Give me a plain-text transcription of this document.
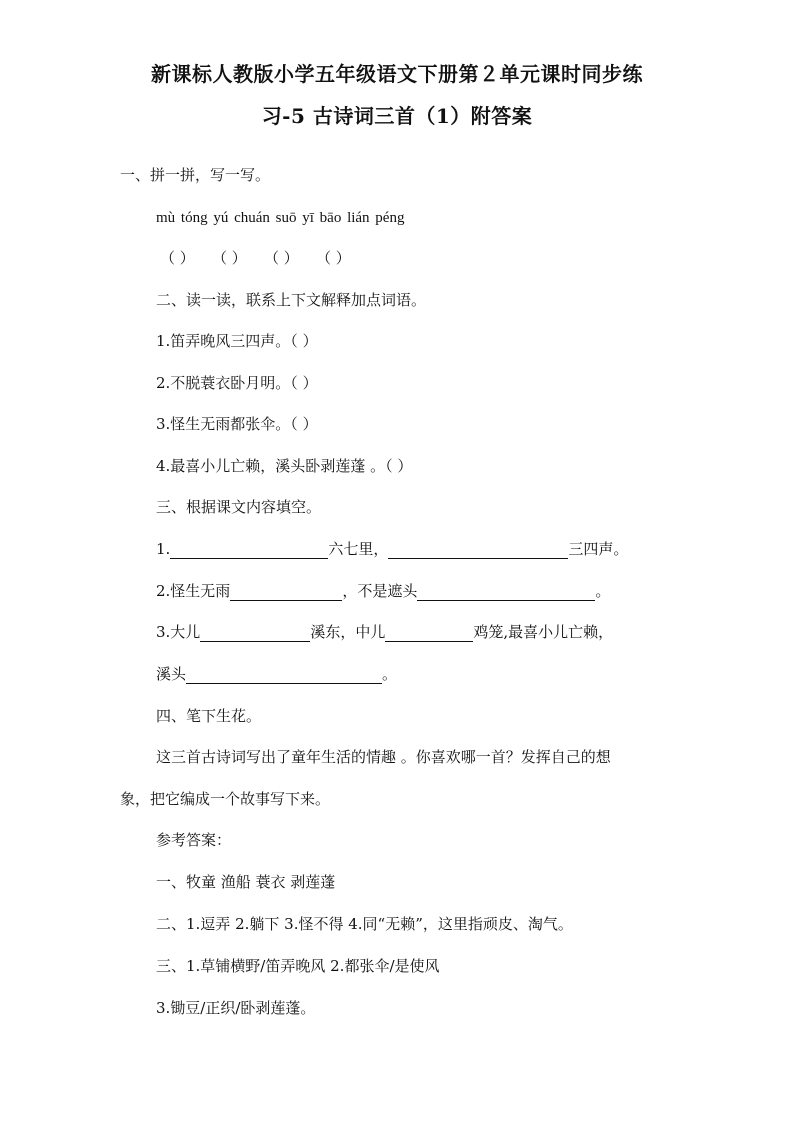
新课标人教版小学五年级语文下册第２单元课时同步练
习-5 古诗词三首（1）附答案
一、拼一拼，写一写。
mù tóng yú chuán suō yī bāo lián péng
（ ） （ ） （ ） （ ）
二、读一读，联系上下文解释加点词语。
1.笛弄晚风三四声。（ ）
2.不脱蓑衣卧月明。（ ）
3.怪生无雨都张伞。（ ）
4.最喜小儿亡赖，溪头卧剥莲蓬 。（ ）
三、根据课文内容填空。
1.	六七里，	三四声。
2.怪生无雨	，不是遮头	。
3.大儿	溪东，中儿	鸡笼,最喜小儿亡赖，
溪头	。
四、笔下生花。
这三首古诗词写出了童年生活的情趣 。你喜欢哪一首？发挥自己的想
象，把它编成一个故事写下来。
参考答案：
一、牧童 渔船 蓑衣 剥莲蓬
二、1.逗弄 2.躺下 3.怪不得 4.同“无赖”，这里指顽皮、淘气。
三、1.草铺横野/笛弄晚风 2.都张伞/是使风
3.锄豆/正织/卧剥莲蓬。
